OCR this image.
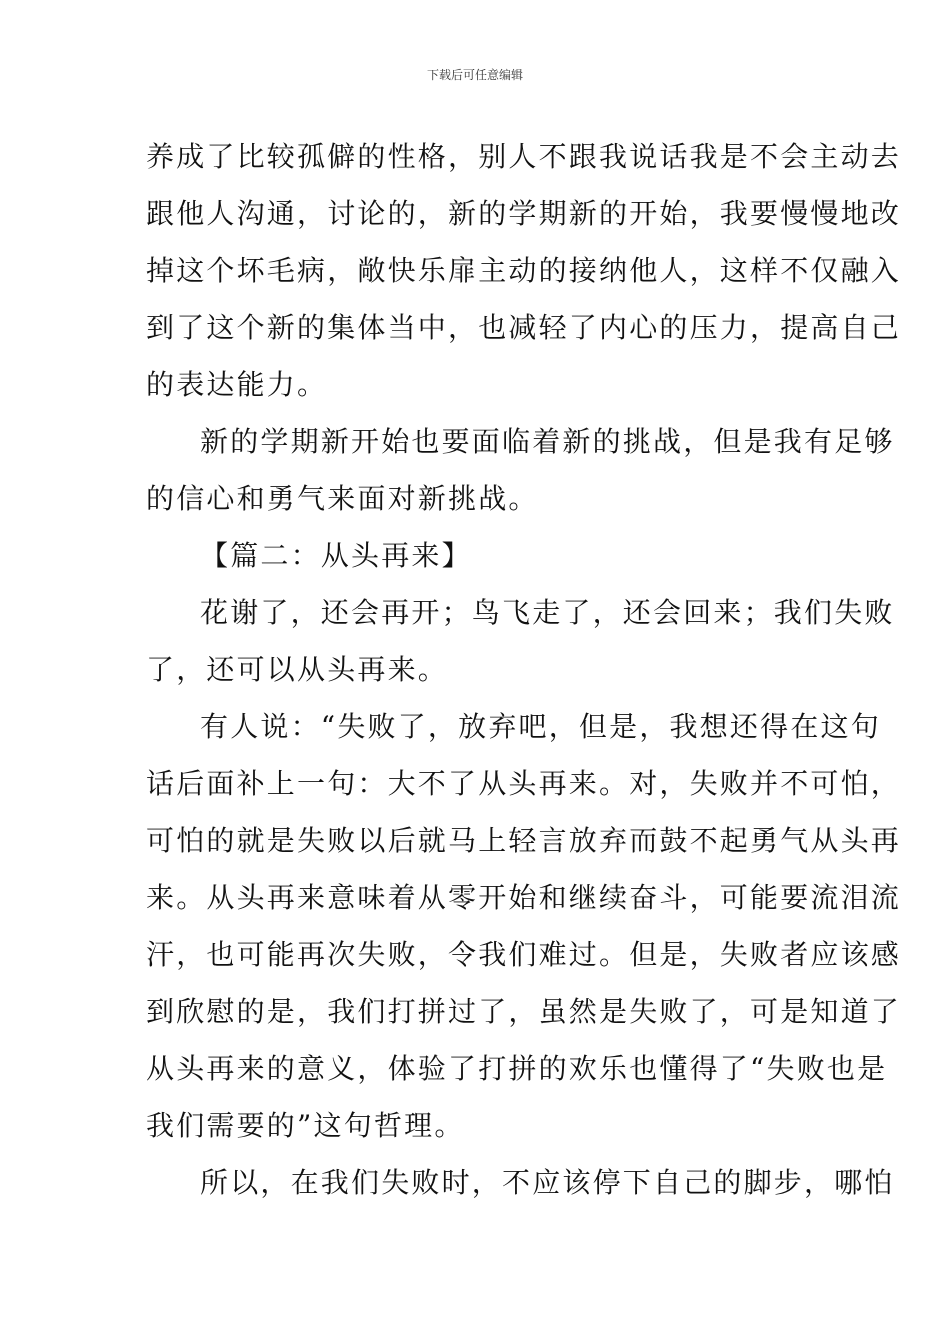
下载后可任意编辑
养成了比较孤僻的性格，别人不跟我说话我是不会主动去
跟他人沟通，讨论的，新的学期新的开始，我要慢慢地改
掉这个坏毛病，敞快乐扉主动的接纳他人，这样不仅融入
到了这个新的集体当中，也减轻了内心的压力，提高自己
的表达能力。
新的学期新开始也要面临着新的挑战，但是我有足够
的信心和勇气来面对新挑战。
【篇二：从头再来】
花谢了，还会再开；鸟飞走了，还会回来；我们失败
了，还可以从头再来。
有人说：“失败了，放弃吧，但是，我想还得在这句
话后面补上一句：大不了从头再来。对，失败并不可怕，
可怕的就是失败以后就马上轻言放弃而鼓不起勇气从头再
来。从头再来意味着从零开始和继续奋斗，可能要流泪流
汗，也可能再次失败，令我们难过。但是，失败者应该感
到欣慰的是，我们打拼过了，虽然是失败了，可是知道了
从头再来的意义，体验了打拼的欢乐也懂得了“失败也是
我们需要的”这句哲理。
所以，在我们失败时，不应该停下自己的脚步，哪怕
